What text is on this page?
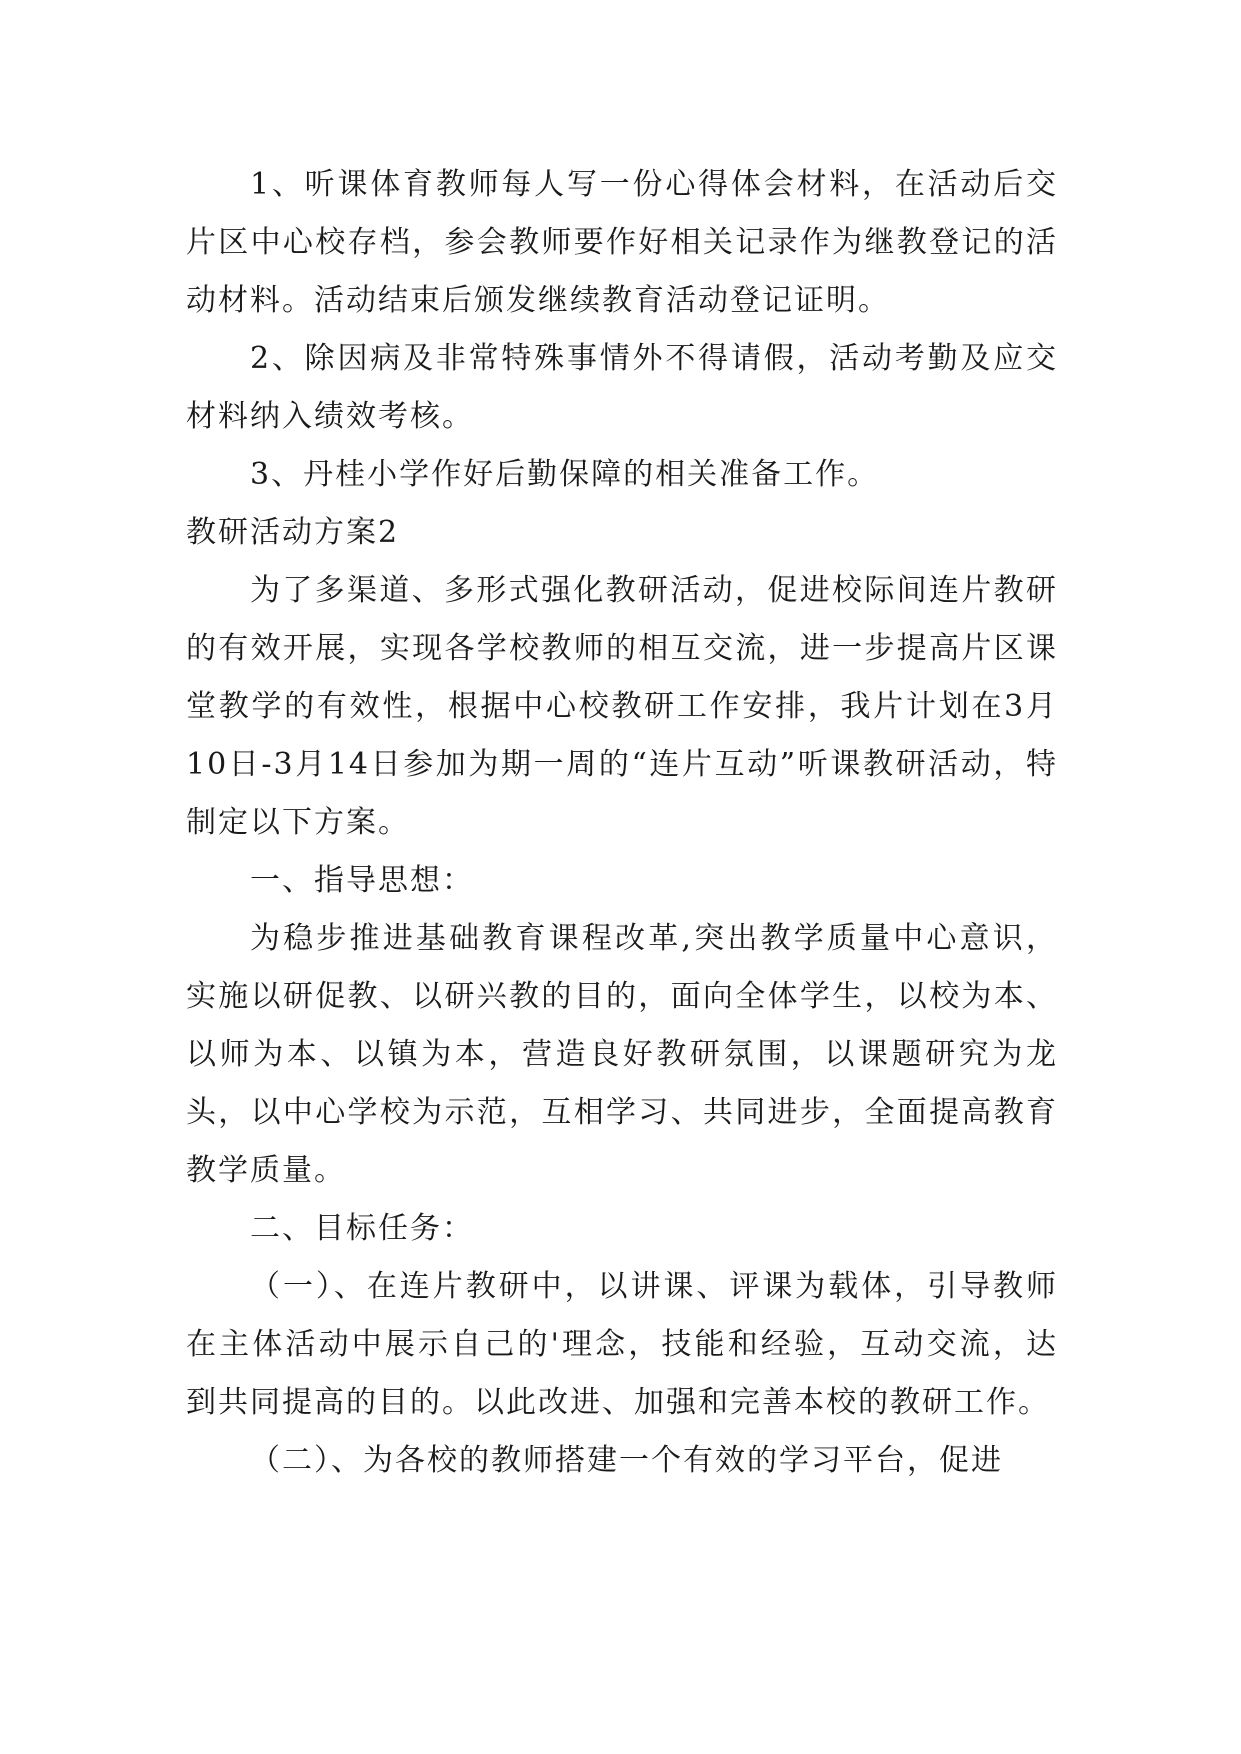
1、听课体育教师每人写一份心得体会材料，在活动后交片区中心校存档，参会教师要作好相关记录作为继教登记的活动材料。活动结束后颁发继续教育活动登记证明。

2、除因病及非常特殊事情外不得请假，活动考勤及应交材料纳入绩效考核。

3、丹桂小学作好后勤保障的相关准备工作。

教研活动方案2

为了多渠道、多形式强化教研活动，促进校际间连片教研的有效开展，实现各学校教师的相互交流，进一步提高片区课堂教学的有效性，根据中心校教研工作安排，我片计划在3月10日-3月14日参加为期一周的“连片互动”听课教研活动，特制定以下方案。

一、指导思想：

为稳步推进基础教育课程改革,突出教学质量中心意识，实施以研促教、以研兴教的目的，面向全体学生，以校为本、以师为本、以镇为本，营造良好教研氛围，以课题研究为龙头，以中心学校为示范，互相学习、共同进步，全面提高教育教学质量。

二、目标任务：

（一）、在连片教研中，以讲课、评课为载体，引导教师在主体活动中展示自己的'理念，技能和经验，互动交流，达到共同提高的目的。以此改进、加强和完善本校的教研工作。

（二）、为各校的教师搭建一个有效的学习平台，促进
